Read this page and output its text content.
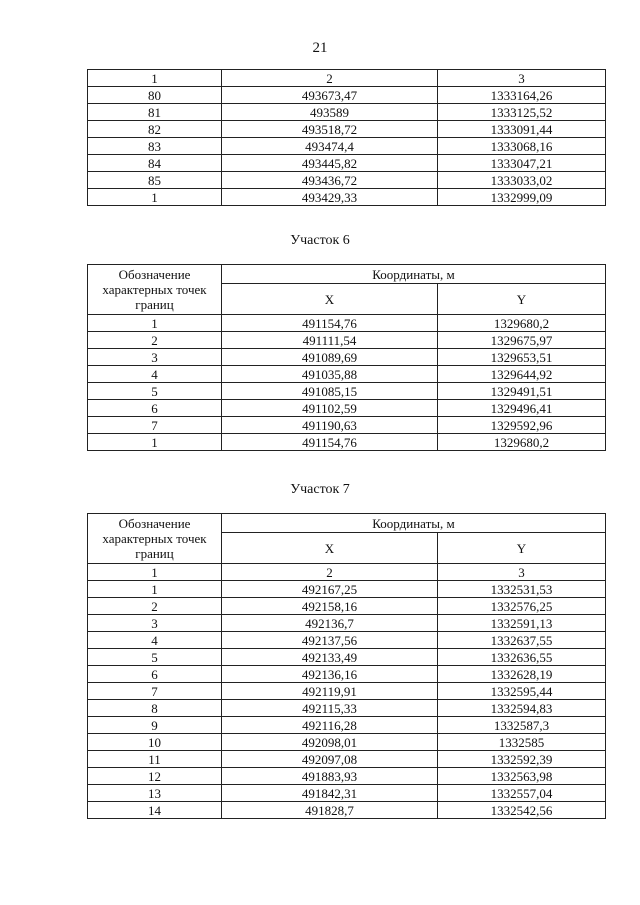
21
1	2	3
80	493673,47	1333164,26
81	493589	1333125,52
82	493518,72	1333091,44
83	493474,4	1333068,16
84	493445,82	1333047,21
85	493436,72	1333033,02
1	493429,33	1332999,09
Участок 6
Обозначение характерных точек границ	Координаты, м	
	X	Y
1	491154,76	1329680,2
2	491111,54	1329675,97
3	491089,69	1329653,51
4	491035,88	1329644,92
5	491085,15	1329491,51
6	491102,59	1329496,41
7	491190,63	1329592,96
1	491154,76	1329680,2
Участок 7
Обозначение характерных точек границ	Координаты, м	
	X	Y
1	2	3
1	492167,25	1332531,53
2	492158,16	1332576,25
3	492136,7	1332591,13
4	492137,56	1332637,55
5	492133,49	1332636,55
6	492136,16	1332628,19
7	492119,91	1332595,44
8	492115,33	1332594,83
9	492116,28	1332587,3
10	492098,01	1332585
11	492097,08	1332592,39
12	491883,93	1332563,98
13	491842,31	1332557,04
14	491828,7	1332542,56
